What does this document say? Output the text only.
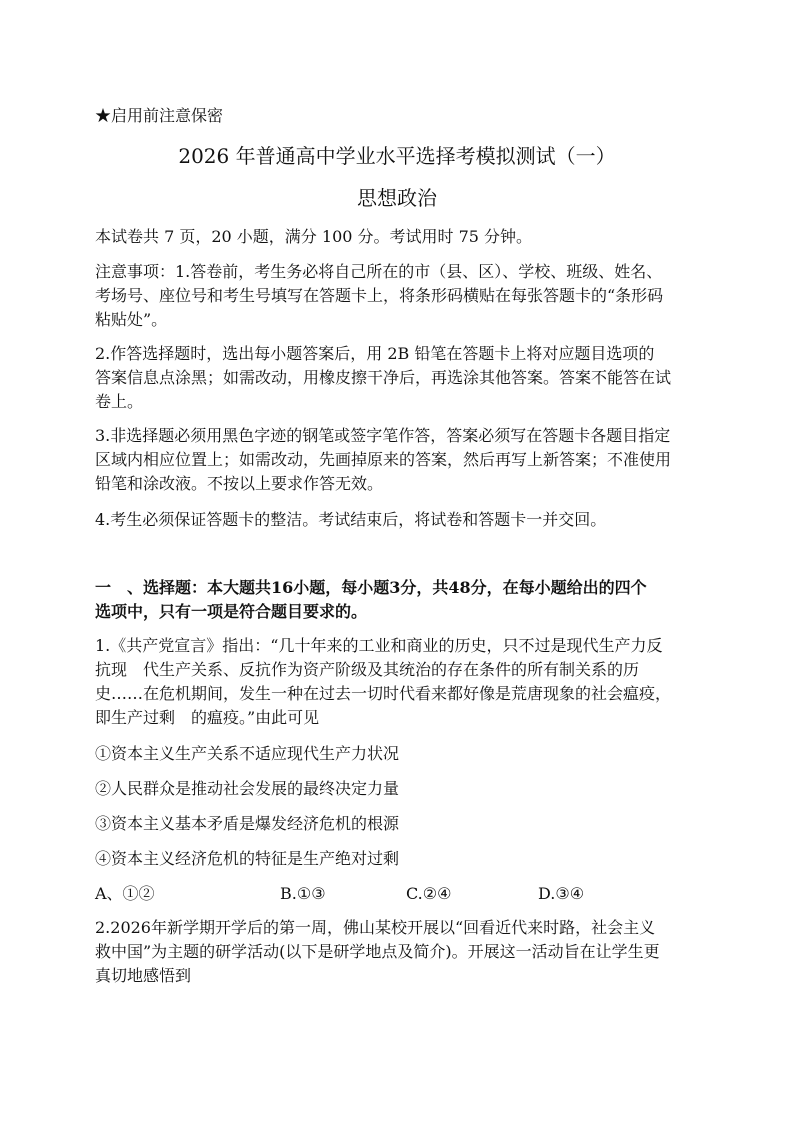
★启用前注意保密
2026 年普通高中学业水平选择考模拟测试（一）
思想政治
本试卷共 7 页，20 小题，满分 100 分。考试用时 75 分钟。
注意事项：1.答卷前，考生务必将自己所在的市（县、区）、学校、班级、姓名、
考场号、座位号和考生号填写在答题卡上，将条形码横贴在每张答题卡的“条形码
粘贴处”。
2.作答选择题时，选出每小题答案后，用 2B 铅笔在答题卡上将对应题目选项的
答案信息点涂黑；如需改动，用橡皮擦干净后，再选涂其他答案。答案不能答在试
卷上。
3.非选择题必须用黑色字迹的钢笔或签字笔作答，答案必须写在答题卡各题目指定
区域内相应位置上；如需改动，先画掉原来的答案，然后再写上新答案；不准使用
铅笔和涂改液。不按以上要求作答无效。
4.考生必须保证答题卡的整洁。考试结束后，将试卷和答题卡一并交回。
一　、选择题：本大题共16小题，每小题3分，共48分，在每小题给出的四个
选项中，只有一项是符合题目要求的。
1.《共产党宣言》指出：“几十年来的工业和商业的历史，只不过是现代生产力反
抗现　代生产关系、反抗作为资产阶级及其统治的存在条件的所有制关系的历
史……在危机期间，发生一种在过去一切时代看来都好像是荒唐现象的社会瘟疫，
即生产过剩　的瘟疫。”由此可见
①资本主义生产关系不适应现代生产力状况
②人民群众是推动社会发展的最终决定力量
③资本主义基本矛盾是爆发经济危机的根源
④资本主义经济危机的特征是生产绝对过剩
A、①②	B.①③	C.②④	D.③④
2.2026年新学期开学后的第一周，佛山某校开展以“回看近代来时路，社会主义
救中国”为主题的研学活动(以下是研学地点及简介)。开展这一活动旨在让学生更
真切地感悟到
